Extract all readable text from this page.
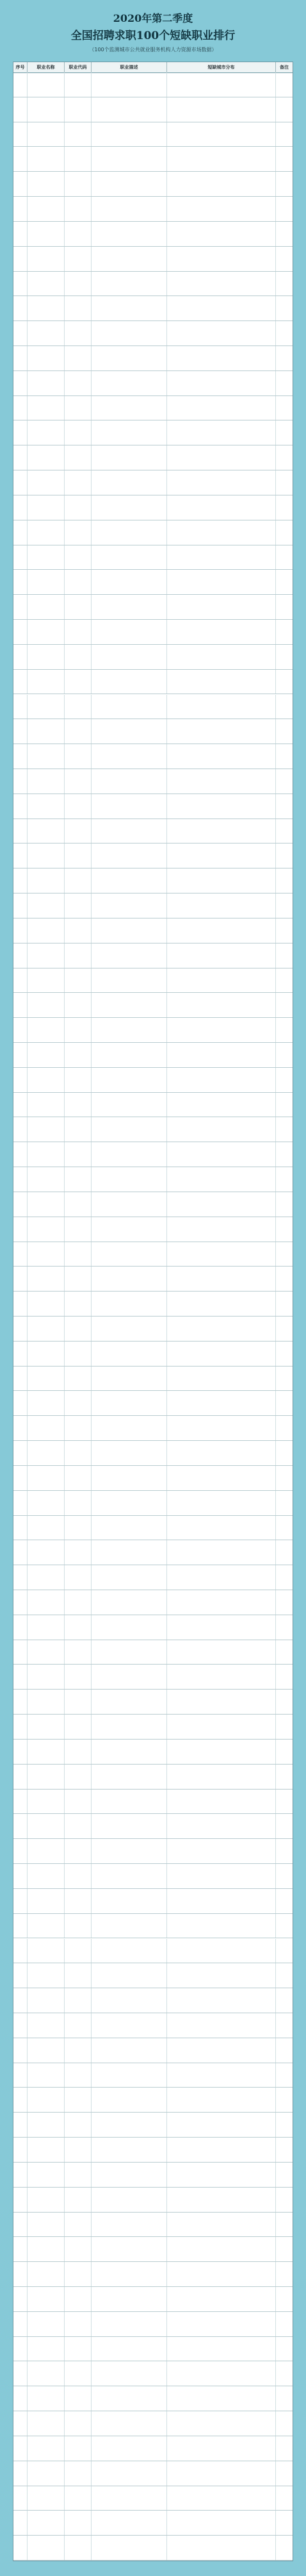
2020年第二季度
全国招聘求职100个短缺职业排行
（100个监测城市公共就业服务机构人力资源市场数据）
序号	职业名称	职业代码	职业描述	短缺城市分布	备注
